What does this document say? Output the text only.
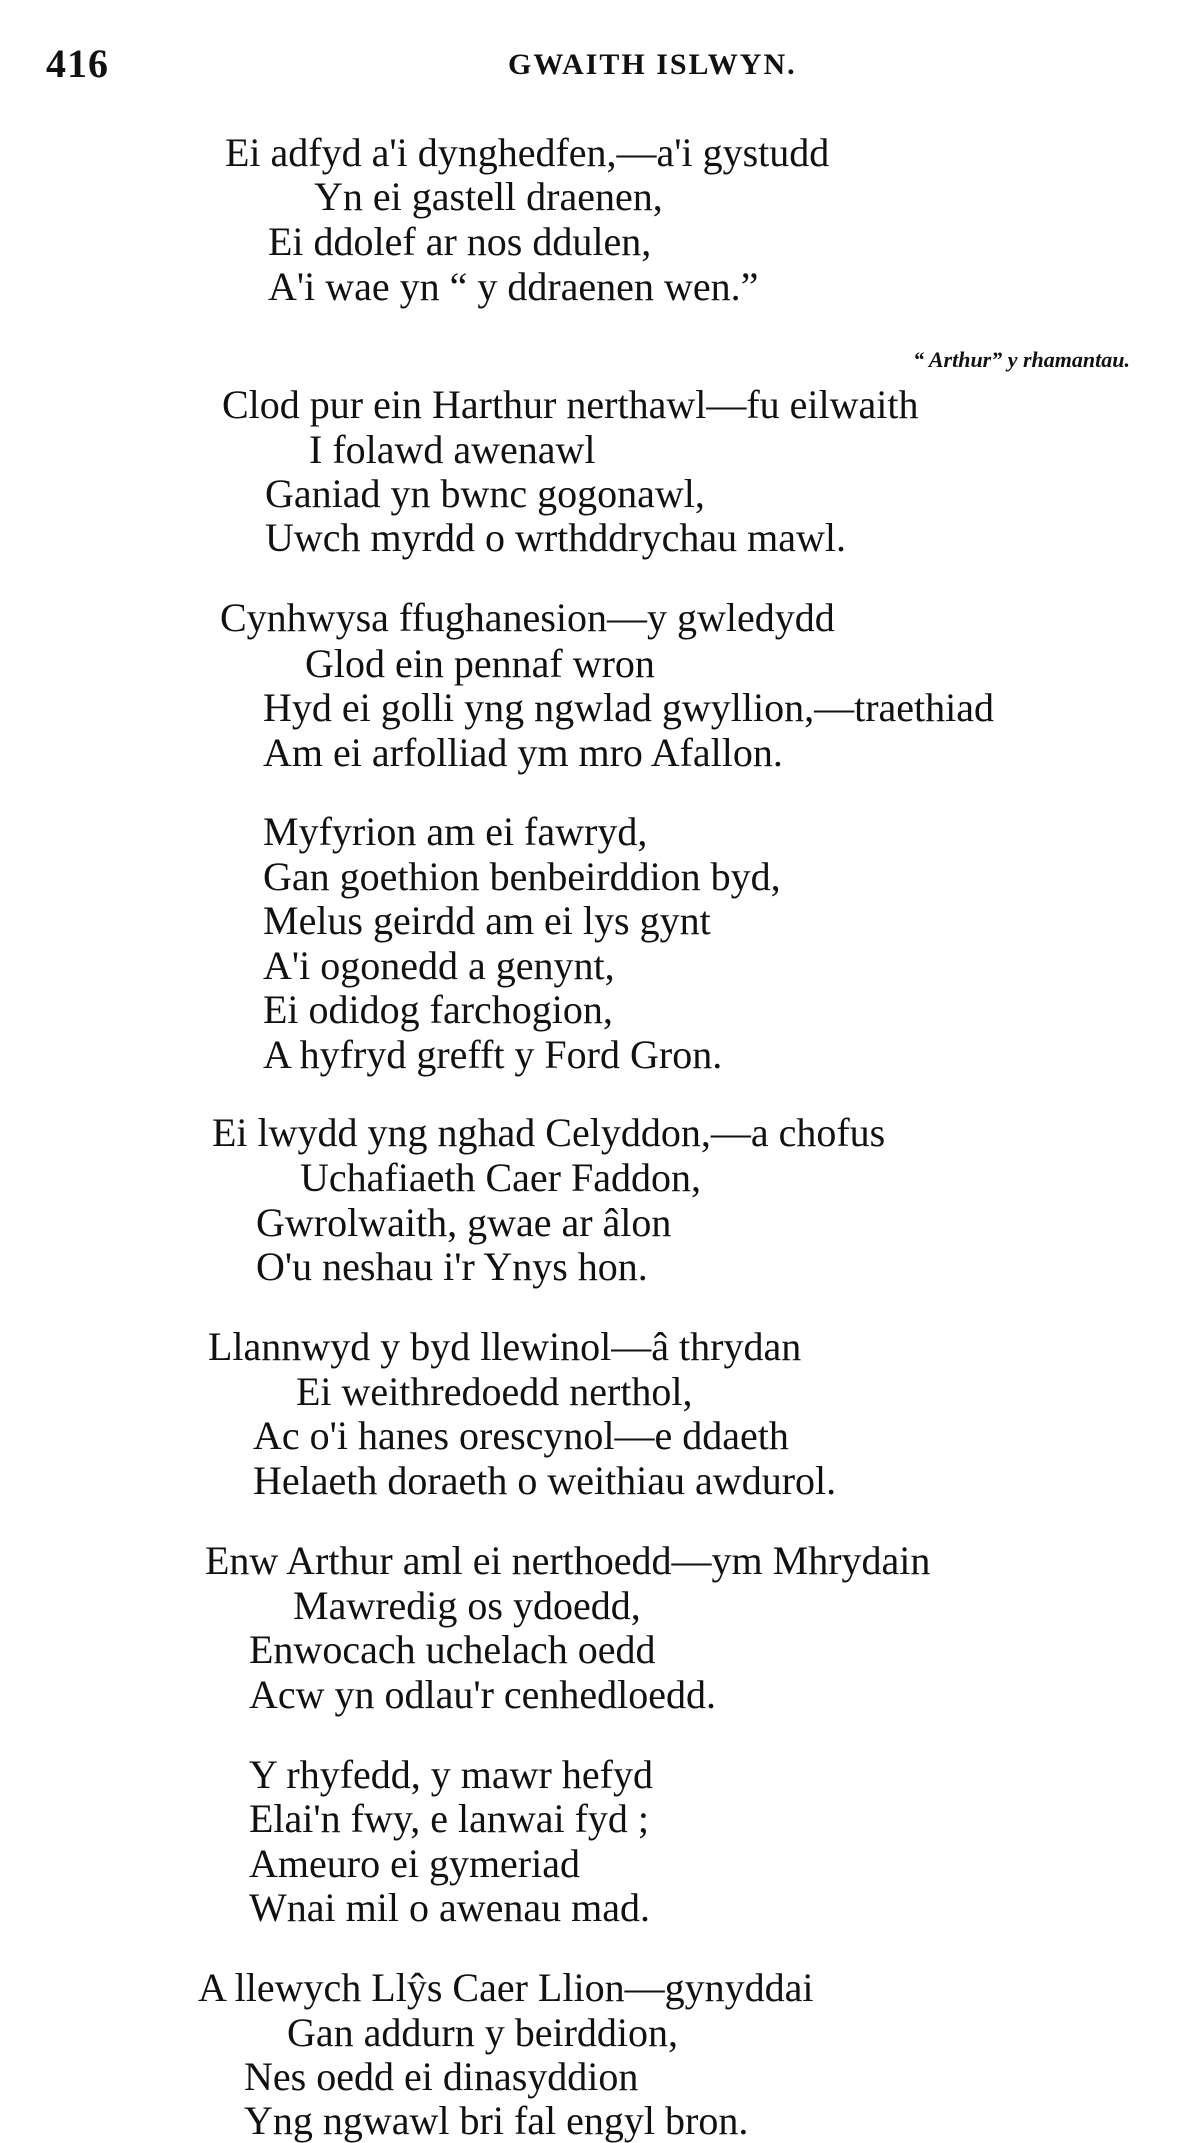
416	GWAITH ISLWYN.
Ei adfyd a'i dynghedfen,—a'i gystudd
Yn ei gastell draenen,
Ei ddolef ar nos ddulen,
A'i wae yn “ y ddraenen wen.”
“ Arthur” y rhamantau.
Clod pur ein Harthur nerthawl—fu eilwaith
I folawd awenawl
Ganiad yn bwnc gogonawl,
Uwch myrdd o wrthddrychau mawl.
Cynhwysa ffughanesion—y gwledydd
Glod ein pennaf wron
Hyd ei golli yng ngwlad gwyllion,—traethiad
Am ei arfolliad ym mro Afallon.
Myfyrion am ei fawryd,
Gan goethion benbeirddion byd,
Melus geirdd am ei lys gynt
A'i ogonedd a genynt,
Ei odidog farchogion,
A hyfryd grefft y Ford Gron.
Ei lwydd yng nghad Celyddon,—a chofus
Uchafiaeth Caer Faddon,
Gwrolwaith, gwae ar âlon
O'u neshau i'r Ynys hon.
Llannwyd y byd llewinol—â thrydan
Ei weithredoedd nerthol,
Ac o'i hanes orescynol—e ddaeth
Helaeth doraeth o weithiau awdurol.
Enw Arthur aml ei nerthoedd—ym Mhrydain
Mawredig os ydoedd,
Enwocach uchelach oedd
Acw yn odlau'r cenhedloedd.
Y rhyfedd, y mawr hefyd
Elai'n fwy, e lanwai fyd ;
Ameuro ei gymeriad
Wnai mil o awenau mad.
A llewych Llŷs Caer Llion—gynyddai
Gan addurn y beirddion,
Nes oedd ei dinasyddion
Yng ngwawl bri fal engyl bron.
